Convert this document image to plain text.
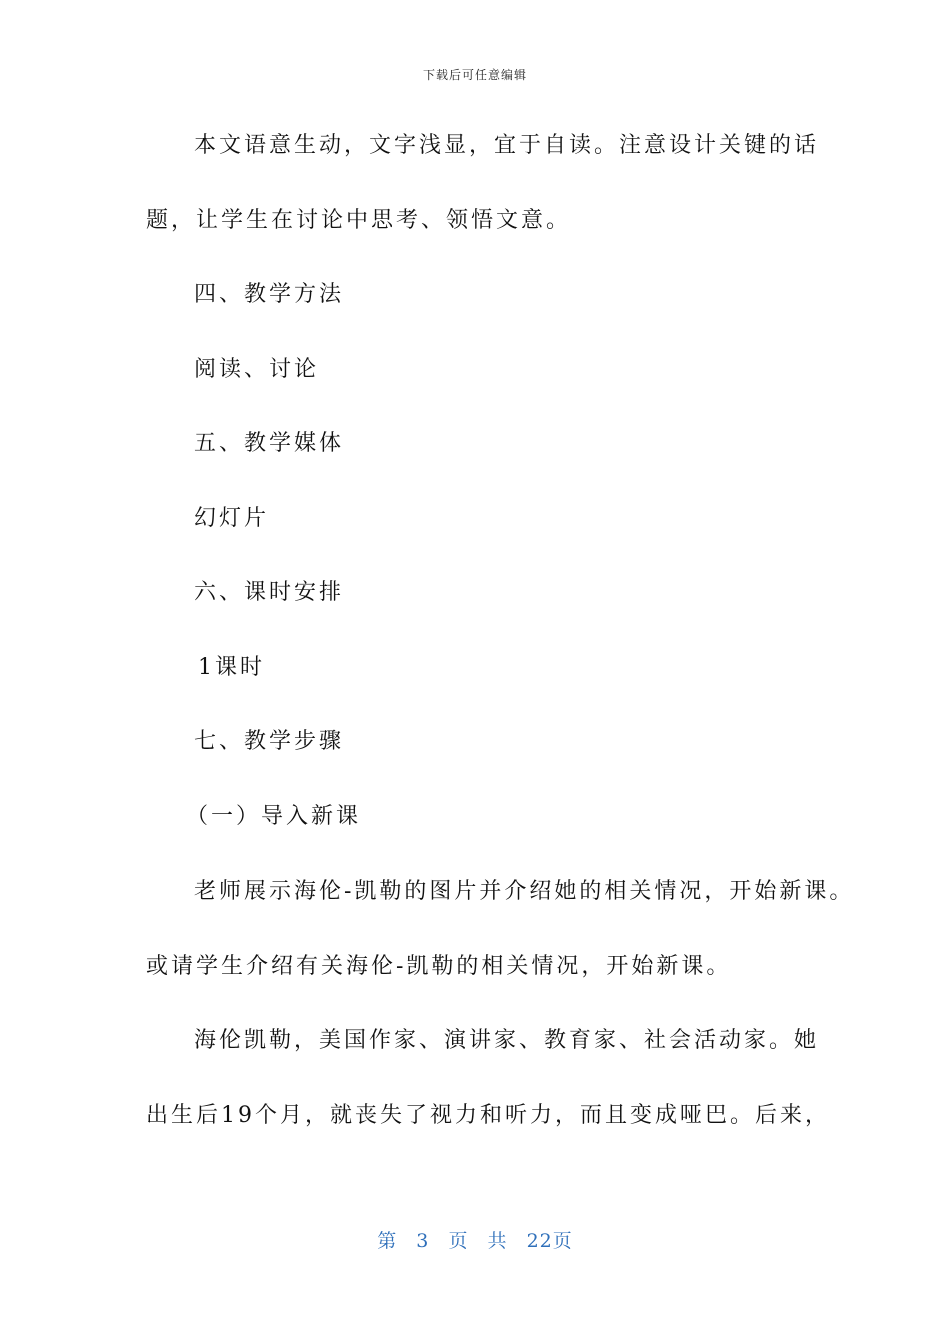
下载后可任意编辑
本文语意生动，文字浅显，宜于自读。注意设计关键的话
题，让学生在讨论中思考、领悟文意。
四、教学方法
阅读、讨论
五、教学媒体
幻灯片
六、课时安排
1课时
七、教学步骤
（一）导入新课
老师展示海伦-凯勒的图片并介绍她的相关情况，开始新课。
或请学生介绍有关海伦-凯勒的相关情况，开始新课。
海伦凯勒，美国作家、演讲家、教育家、社会活动家。她
出生后19个月，就丧失了视力和听力，而且变成哑巴。后来，
第 3 页 共 22页
